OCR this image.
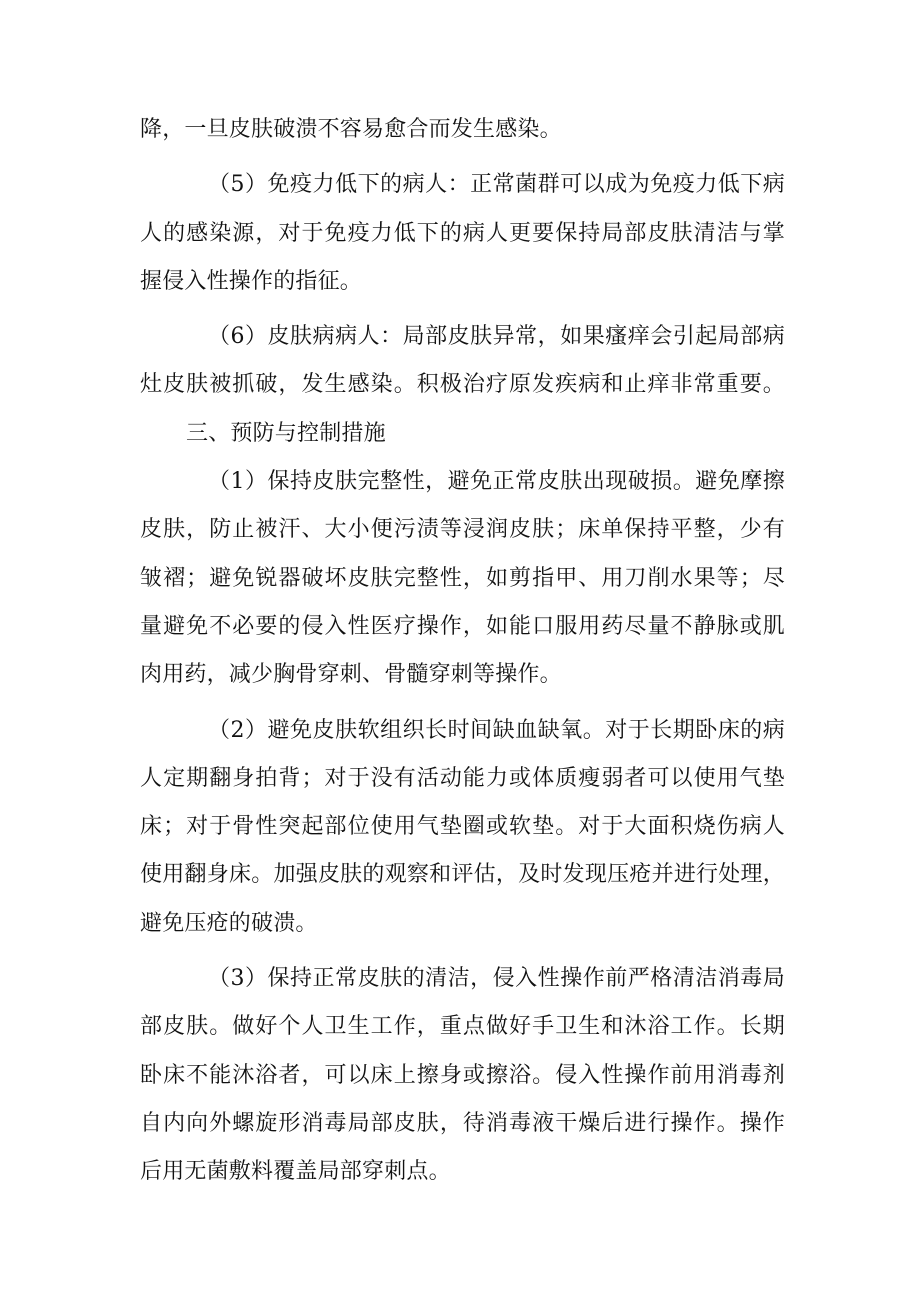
降，一旦皮肤破溃不容易愈合而发生感染。
（5）免疫力低下的病人：正常菌群可以成为免疫力低下病
人的感染源，对于免疫力低下的病人更要保持局部皮肤清洁与掌
握侵入性操作的指征。
（6）皮肤病病人：局部皮肤异常，如果瘙痒会引起局部病
灶皮肤被抓破，发生感染。积极治疗原发疾病和止痒非常重要。
三、预防与控制措施
（1）保持皮肤完整性，避免正常皮肤出现破损。避免摩擦
皮肤，防止被汗、大小便污渍等浸润皮肤；床单保持平整，少有
皱褶；避免锐器破坏皮肤完整性，如剪指甲、用刀削水果等；尽
量避免不必要的侵入性医疗操作，如能口服用药尽量不静脉或肌
肉用药，减少胸骨穿刺、骨髓穿刺等操作。
（2）避免皮肤软组织长时间缺血缺氧。对于长期卧床的病
人定期翻身拍背；对于没有活动能力或体质瘦弱者可以使用气垫
床；对于骨性突起部位使用气垫圈或软垫。对于大面积烧伤病人
使用翻身床。加强皮肤的观察和评估，及时发现压疮并进行处理，
避免压疮的破溃。
（3）保持正常皮肤的清洁，侵入性操作前严格清洁消毒局
部皮肤。做好个人卫生工作，重点做好手卫生和沐浴工作。长期
卧床不能沐浴者，可以床上擦身或擦浴。侵入性操作前用消毒剂
自内向外螺旋形消毒局部皮肤，待消毒液干燥后进行操作。操作
后用无菌敷料覆盖局部穿刺点。
